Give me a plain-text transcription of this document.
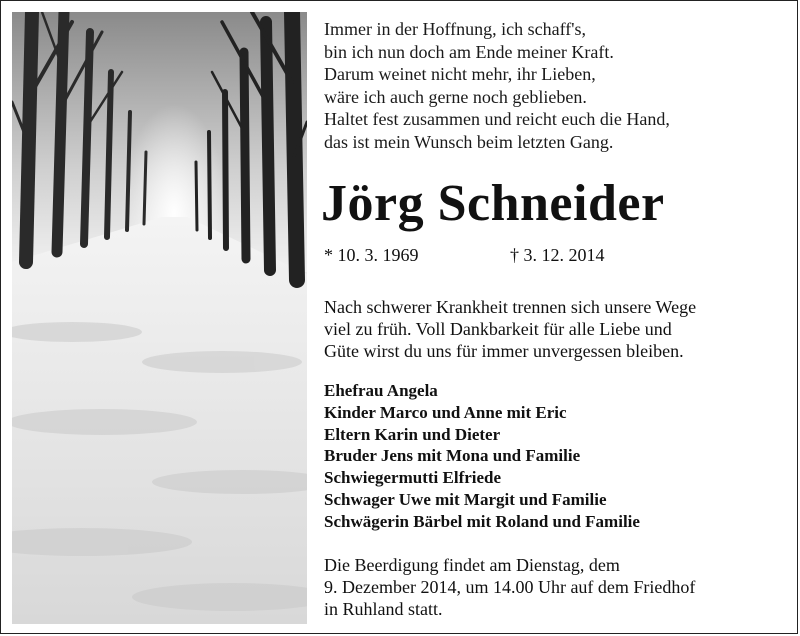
Immer in der Hoffnung, ich schaff's,
bin ich nun doch am Ende meiner Kraft.
Darum weinet nicht mehr, ihr Lieben,
wäre ich auch gerne noch geblieben.
Haltet fest zusammen und reicht euch die Hand,
das ist mein Wunsch beim letzten Gang.
Jörg Schneider
* 10. 3. 1969	† 3. 12. 2014
Nach schwerer Krankheit trennen sich unsere Wege
viel zu früh. Voll Dankbarkeit für alle Liebe und
Güte wirst du uns für immer unvergessen bleiben.
Ehefrau Angela
Kinder Marco und Anne mit Eric
Eltern Karin und Dieter
Bruder Jens mit Mona und Familie
Schwiegermutti Elfriede
Schwager Uwe mit Margit und Familie
Schwägerin Bärbel mit Roland und Familie
Die Beerdigung findet am Dienstag, dem
9. Dezember 2014, um 14.00 Uhr auf dem Friedhof
in Ruhland statt.
